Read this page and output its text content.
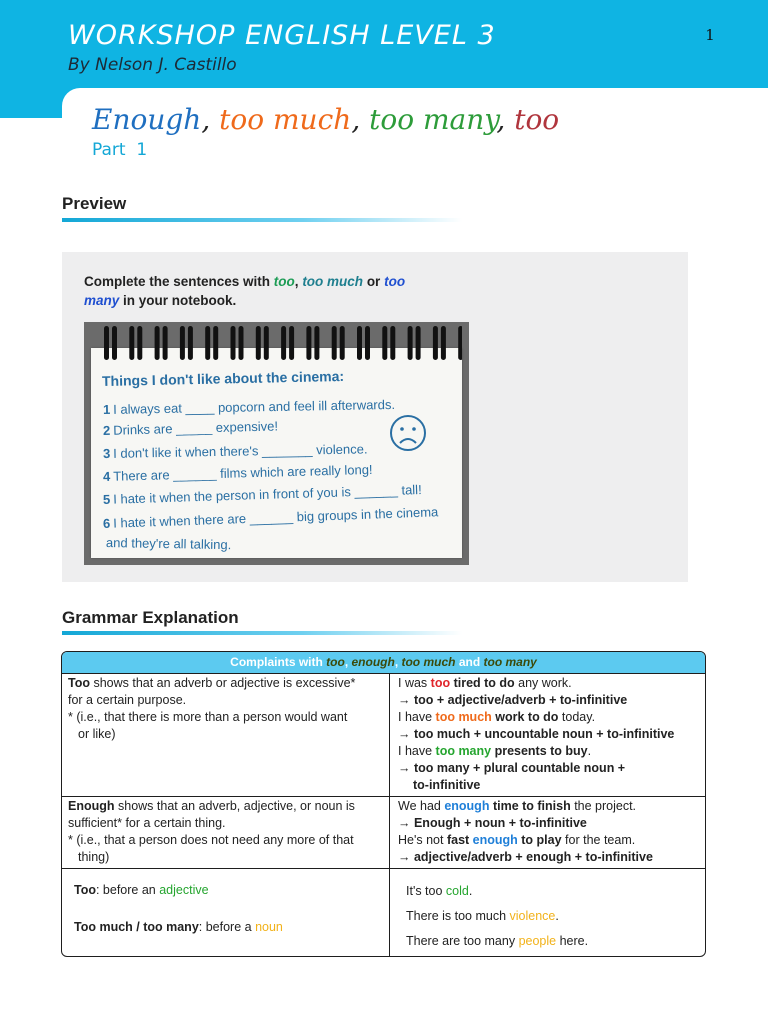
WORKSHOP ENGLISH LEVEL 3
By Nelson J. Castillo
1
Enough, too much, too many, too
Part 1
Preview
Complete the sentences with too, too much or too
many in your notebook.
Things I don't like about the cinema:
1 I always eat ____ popcorn and feel ill afterwards.
2 Drinks are _____ expensive!
3 I don't like it when there's _______ violence.
4 There are ______ films which are really long!
5 I hate it when the person in front of you is ______ tall!
6 I hate it when there are ______ big groups in the cinema
and they're all talking.
Grammar Explanation
Complaints with too, enough, too much and too many
Too shows that an adverb or adjective is excessive*
for a certain purpose.
* (i.e., that there is more than a person would want

or like)
I was too tired to do any work.
→ too + adjective/adverb + to-infinitive
I have too much work to do today.
→ too much + uncountable noun + to-infinitive
I have too many presents to buy.
→ too many + plural countable noun +
to-infinitive
Enough shows that an adverb, adjective, or noun is
sufficient* for a certain thing.
* (i.e., that a person does not need any more of that

thing)
We had enough time to finish the project.
→ Enough + noun + to-infinitive
He's not fast enough to play for the team.
→ adjective/adverb + enough + to-infinitive
Too: before an adjective

Too much / too many: before a noun
It's too cold.
There is too much violence.
There are too many people here.
